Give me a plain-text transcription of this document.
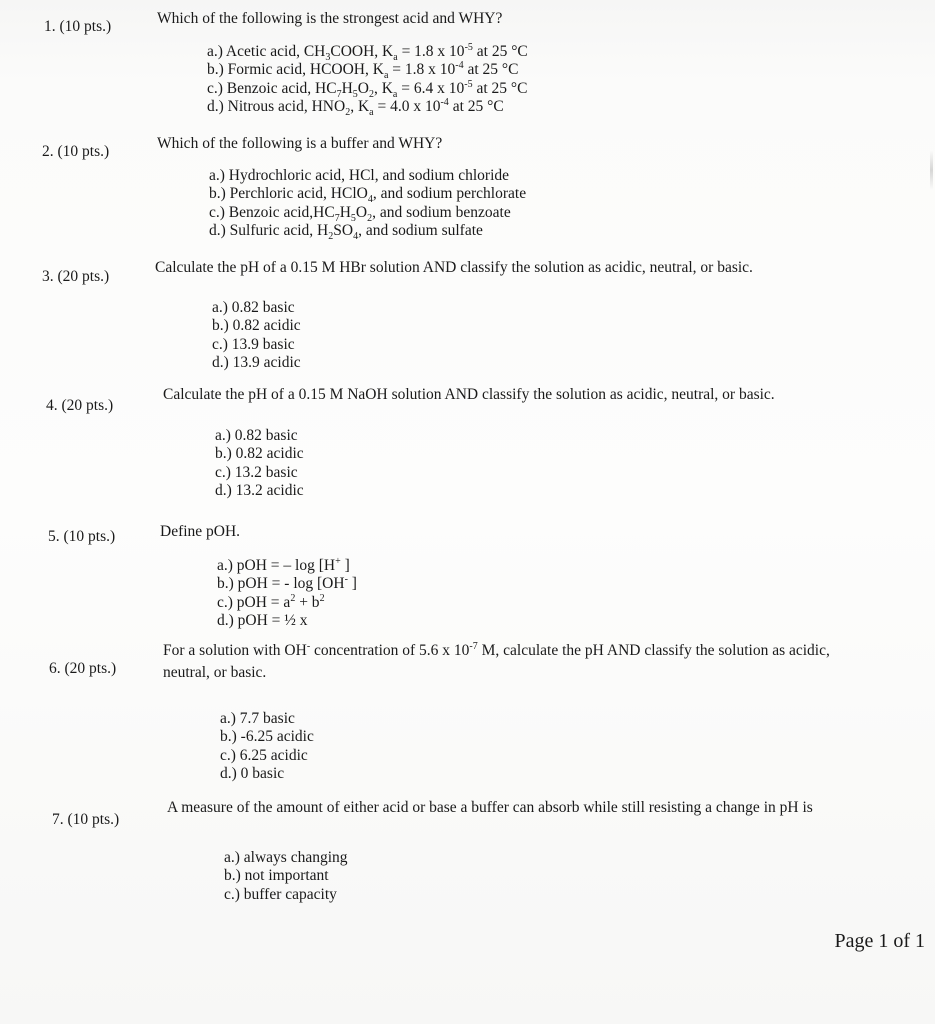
1. (10 pts.)	Which of the following is the strongest acid and WHY?
a.) Acetic acid, $CH_3COOH$, $K_a = 1.8$ x $10^{-5}$ at 25 °C
b.) Formic acid, HCOOH, $K_a = 1.8$ x $10^{-4}$ at 25 °C
c.) Benzoic acid, $HC_7H_5O_2$, $K_a = 6.4$ x $10^{-5}$ at 25 °C
d.) Nitrous acid, $HNO_2$, $K_a = 4.0$ x $10^{-4}$ at 25 °C
2. (10 pts.)	Which of the following is a buffer and WHY?
a.) Hydrochloric acid, HCl, and sodium chloride
b.) Perchloric acid, HClO$_4$, and sodium perchlorate
c.) Benzoic $acid,HC_7H_5O_2$, and sodium benzoate
d.) Sulfuric acid, $H_2SO_4$, and sodium sulfate
3. (20 pts.)
Calculate the pH of a 0.15 M HBr solution AND classify the solution as acidic, neutral, or basic.
a.) 0.82 basic
b.) 0.82 acidic
c.) 13.9 basic
d.) 13.9 acidic
4. (20 pts.)
Calculate the pH of a 0.15 M NaOH solution AND classify the solution as acidic, neutral, or basic.
a.) 0.82 basic
b.) 0.82 acidic
c.) 13.2 basic
d.) 13.2 acidic
5. (10 pts.)	Define pOH.
a.) pOH = – log [H+ ]
b.) pOH = - log [OH- ]
c.) pOH = $a^2 + b^2$
d.) pOH = ½ x
6. (20 pts.)
For a solution with OH- concentration of 5.6 x $10^{-7}$ M, calculate the pH AND classify the solution as acidic, neutral, or basic.
a.) 7.7 basic
b.) -6.25 acidic
c.) 6.25 acidic
d.) 0 basic
7. (10 pts.)
A measure of the amount of either acid or base a buffer can absorb while still resisting a change in pH is
a.) always changing
b.) not important
c.) buffer capacity
Page 1 of 1
